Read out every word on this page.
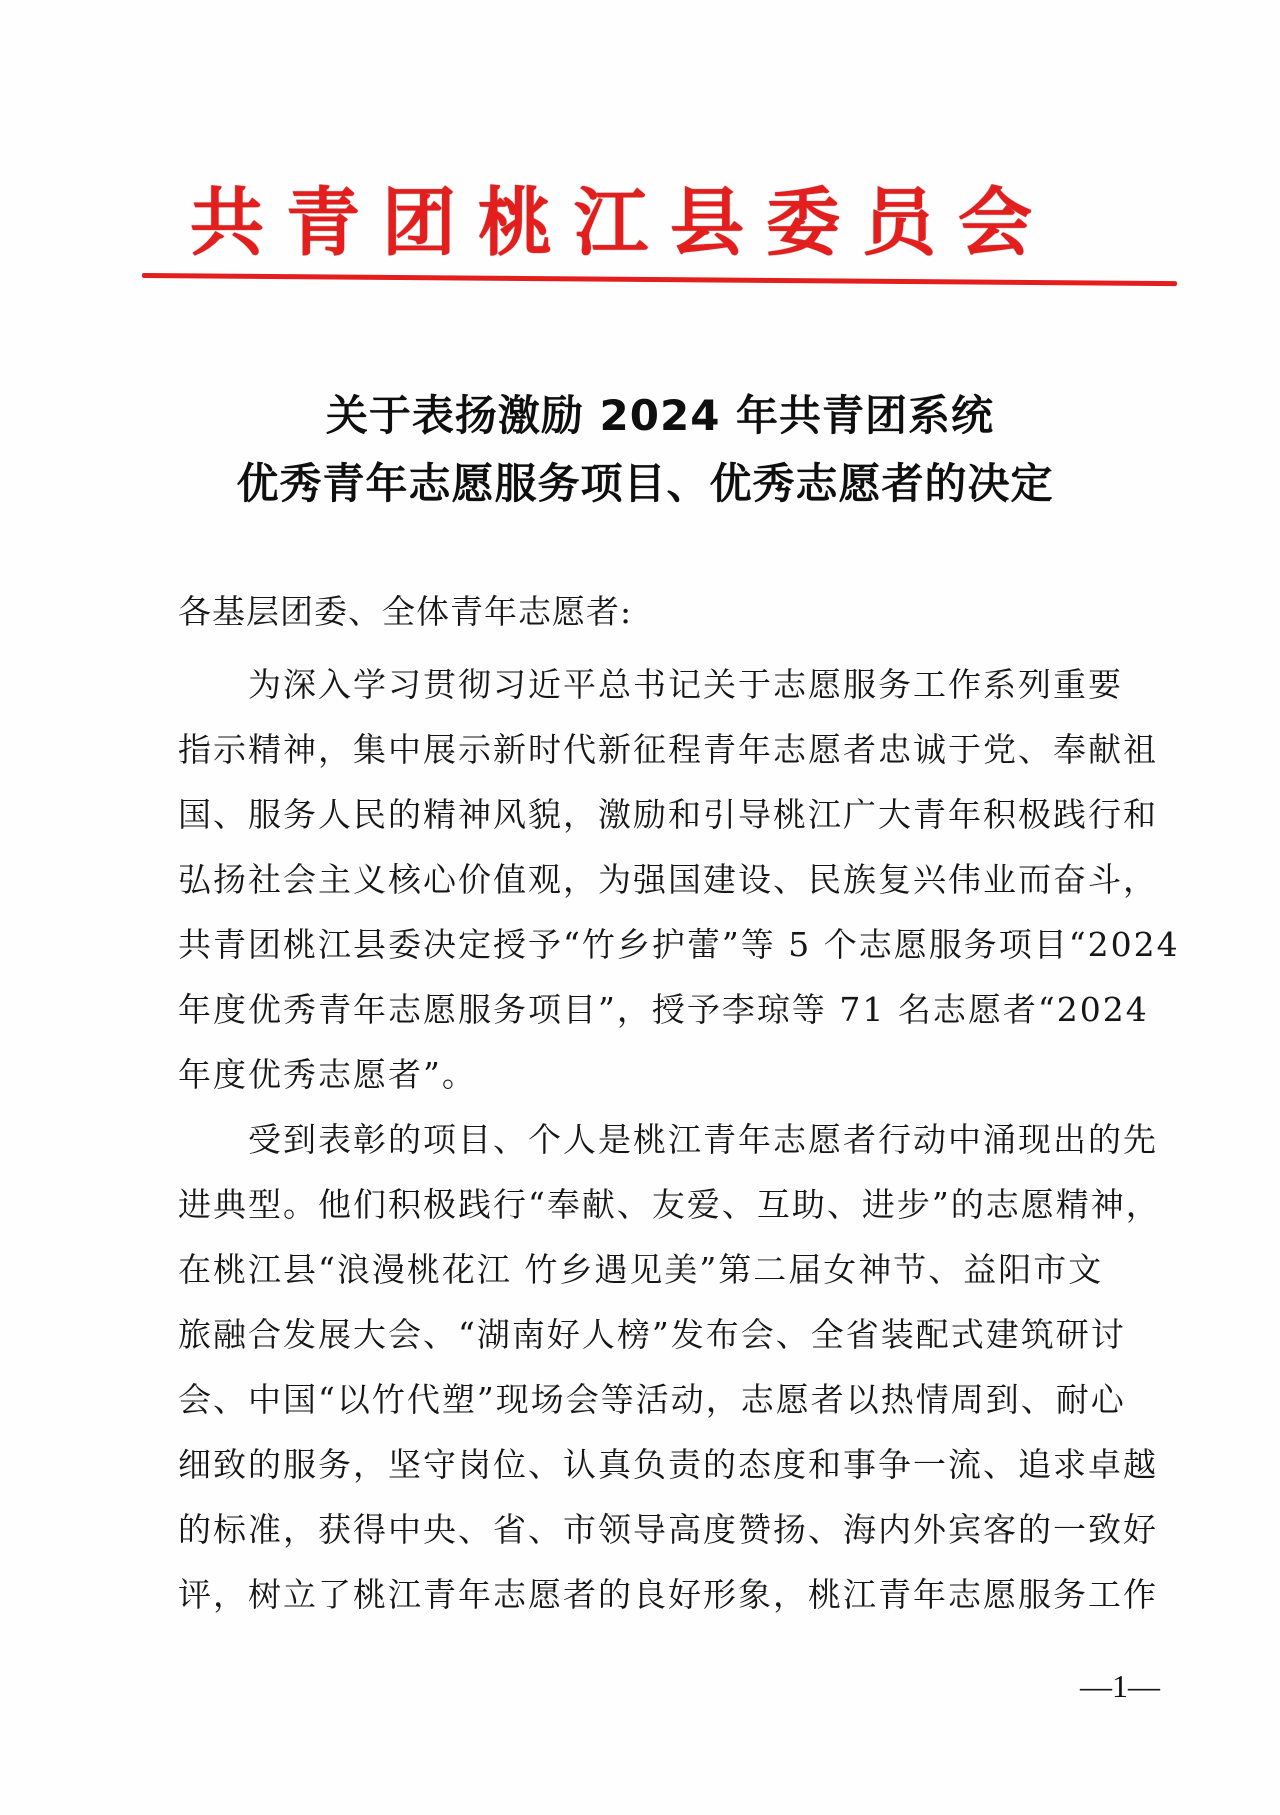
共青团桃江县委员会
关于表扬激励 2024 年共青团系统
优秀青年志愿服务项目、优秀志愿者的决定
各基层团委、全体青年志愿者:
为深入学习贯彻习近平总书记关于志愿服务工作系列重要
指示精神，集中展示新时代新征程青年志愿者忠诚于党、奉献祖
国、服务人民的精神风貌，激励和引导桃江广大青年积极践行和
弘扬社会主义核心价值观，为强国建设、民族复兴伟业而奋斗，
共青团桃江县委决定授予“竹乡护蕾”等 5 个志愿服务项目“2024
年度优秀青年志愿服务项目”，授予李琼等 71 名志愿者“2024
年度优秀志愿者”。
受到表彰的项目、个人是桃江青年志愿者行动中涌现出的先
进典型。他们积极践行“奉献、友爱、互助、进步”的志愿精神，
在桃江县“浪漫桃花江 竹乡遇见美”第二届女神节、益阳市文
旅融合发展大会、“湖南好人榜”发布会、全省装配式建筑研讨
会、中国“以竹代塑”现场会等活动，志愿者以热情周到、耐心
细致的服务，坚守岗位、认真负责的态度和事争一流、追求卓越
的标准，获得中央、省、市领导高度赞扬、海内外宾客的一致好
评，树立了桃江青年志愿者的良好形象，桃江青年志愿服务工作
—1—
